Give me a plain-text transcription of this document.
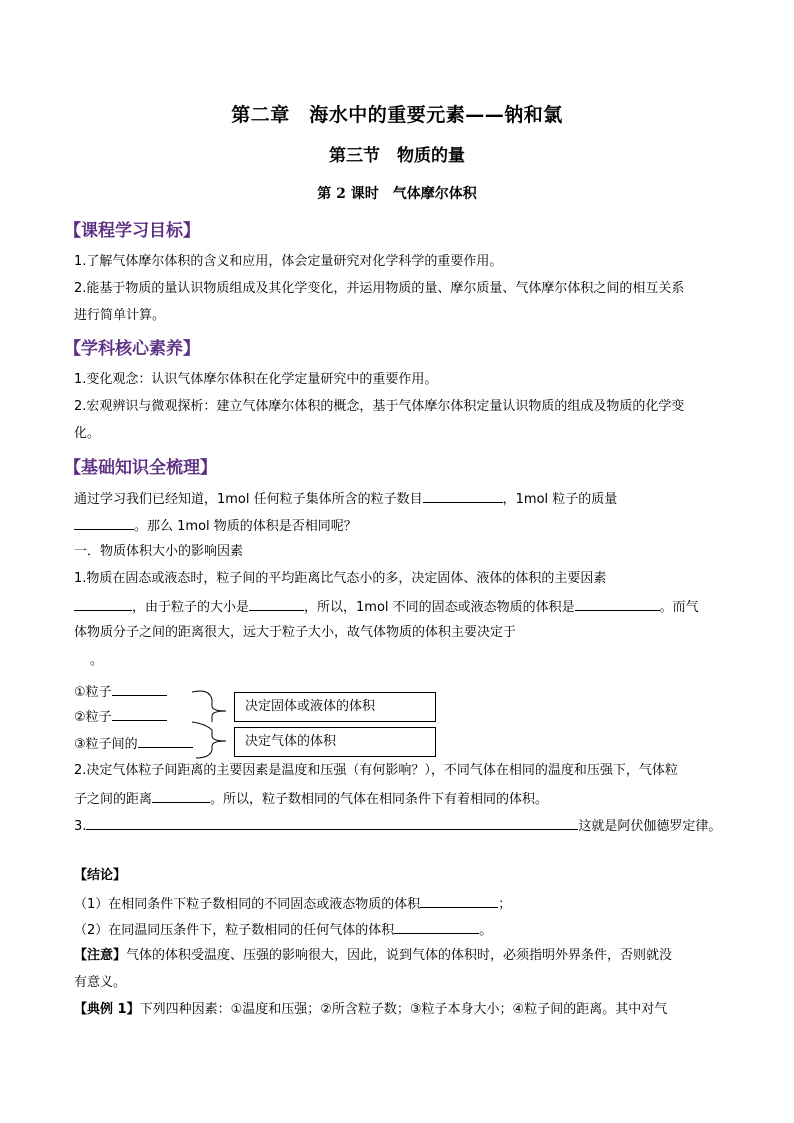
第二章　海水中的重要元素——钠和氯
第三节　物质的量
第 2 课时　气体摩尔体积
【课程学习目标】
1.了解气体摩尔体积的含义和应用，体会定量研究对化学科学的重要作用。
2.能基于物质的量认识物质组成及其化学变化，并运用物质的量、摩尔质量、气体摩尔体积之间的相互关系
进行简单计算。
【学科核心素养】
1.变化观念：认识气体摩尔体积在化学定量研究中的重要作用。
2.宏观辨识与微观探析：建立气体摩尔体积的概念，基于气体摩尔体积定量认识物质的组成及物质的化学变
化。
【基础知识全梳理】
通过学习我们已经知道，1mol 任何粒子集体所含的粒子数目	，1mol 粒子的质量
。那么 1mol 物质的体积是否相同呢？
一．物质体积大小的影响因素
1.物质在固态或液态时，粒子间的平均距离比气态小的多，决定固体、液体的体积的主要因素
，由于粒子的大小是	，所以，1mol 不同的固态或液态物质的体积是	。而气
体物质分子之间的距离很大，远大于粒子大小，故气体物质的体积主要决定于
。
①粒子
②粒子
③粒子间的
决定固体或液体的体积
决定气体的体积
2.决定气体粒子间距离的主要因素是温度和压强（有何影响？），不同气体在相同的温度和压强下，气体粒
子之间的距离	。所以，粒子数相同的气体在相同条件下有着相同的体积。
3.	这就是阿伏伽德罗定律。
【结论】
（1）在相同条件下粒子数相同的不同固态或液态物质的体积	；
（2）在同温同压条件下，粒子数相同的任何气体的体积	。
【注意】气体的体积受温度、压强的影响很大，因此，说到气体的体积时，必须指明外界条件，否则就没
有意义。
【典例 1】下列四种因素：①温度和压强；②所含粒子数；③粒子本身大小；④粒子间的距离。其中对气
